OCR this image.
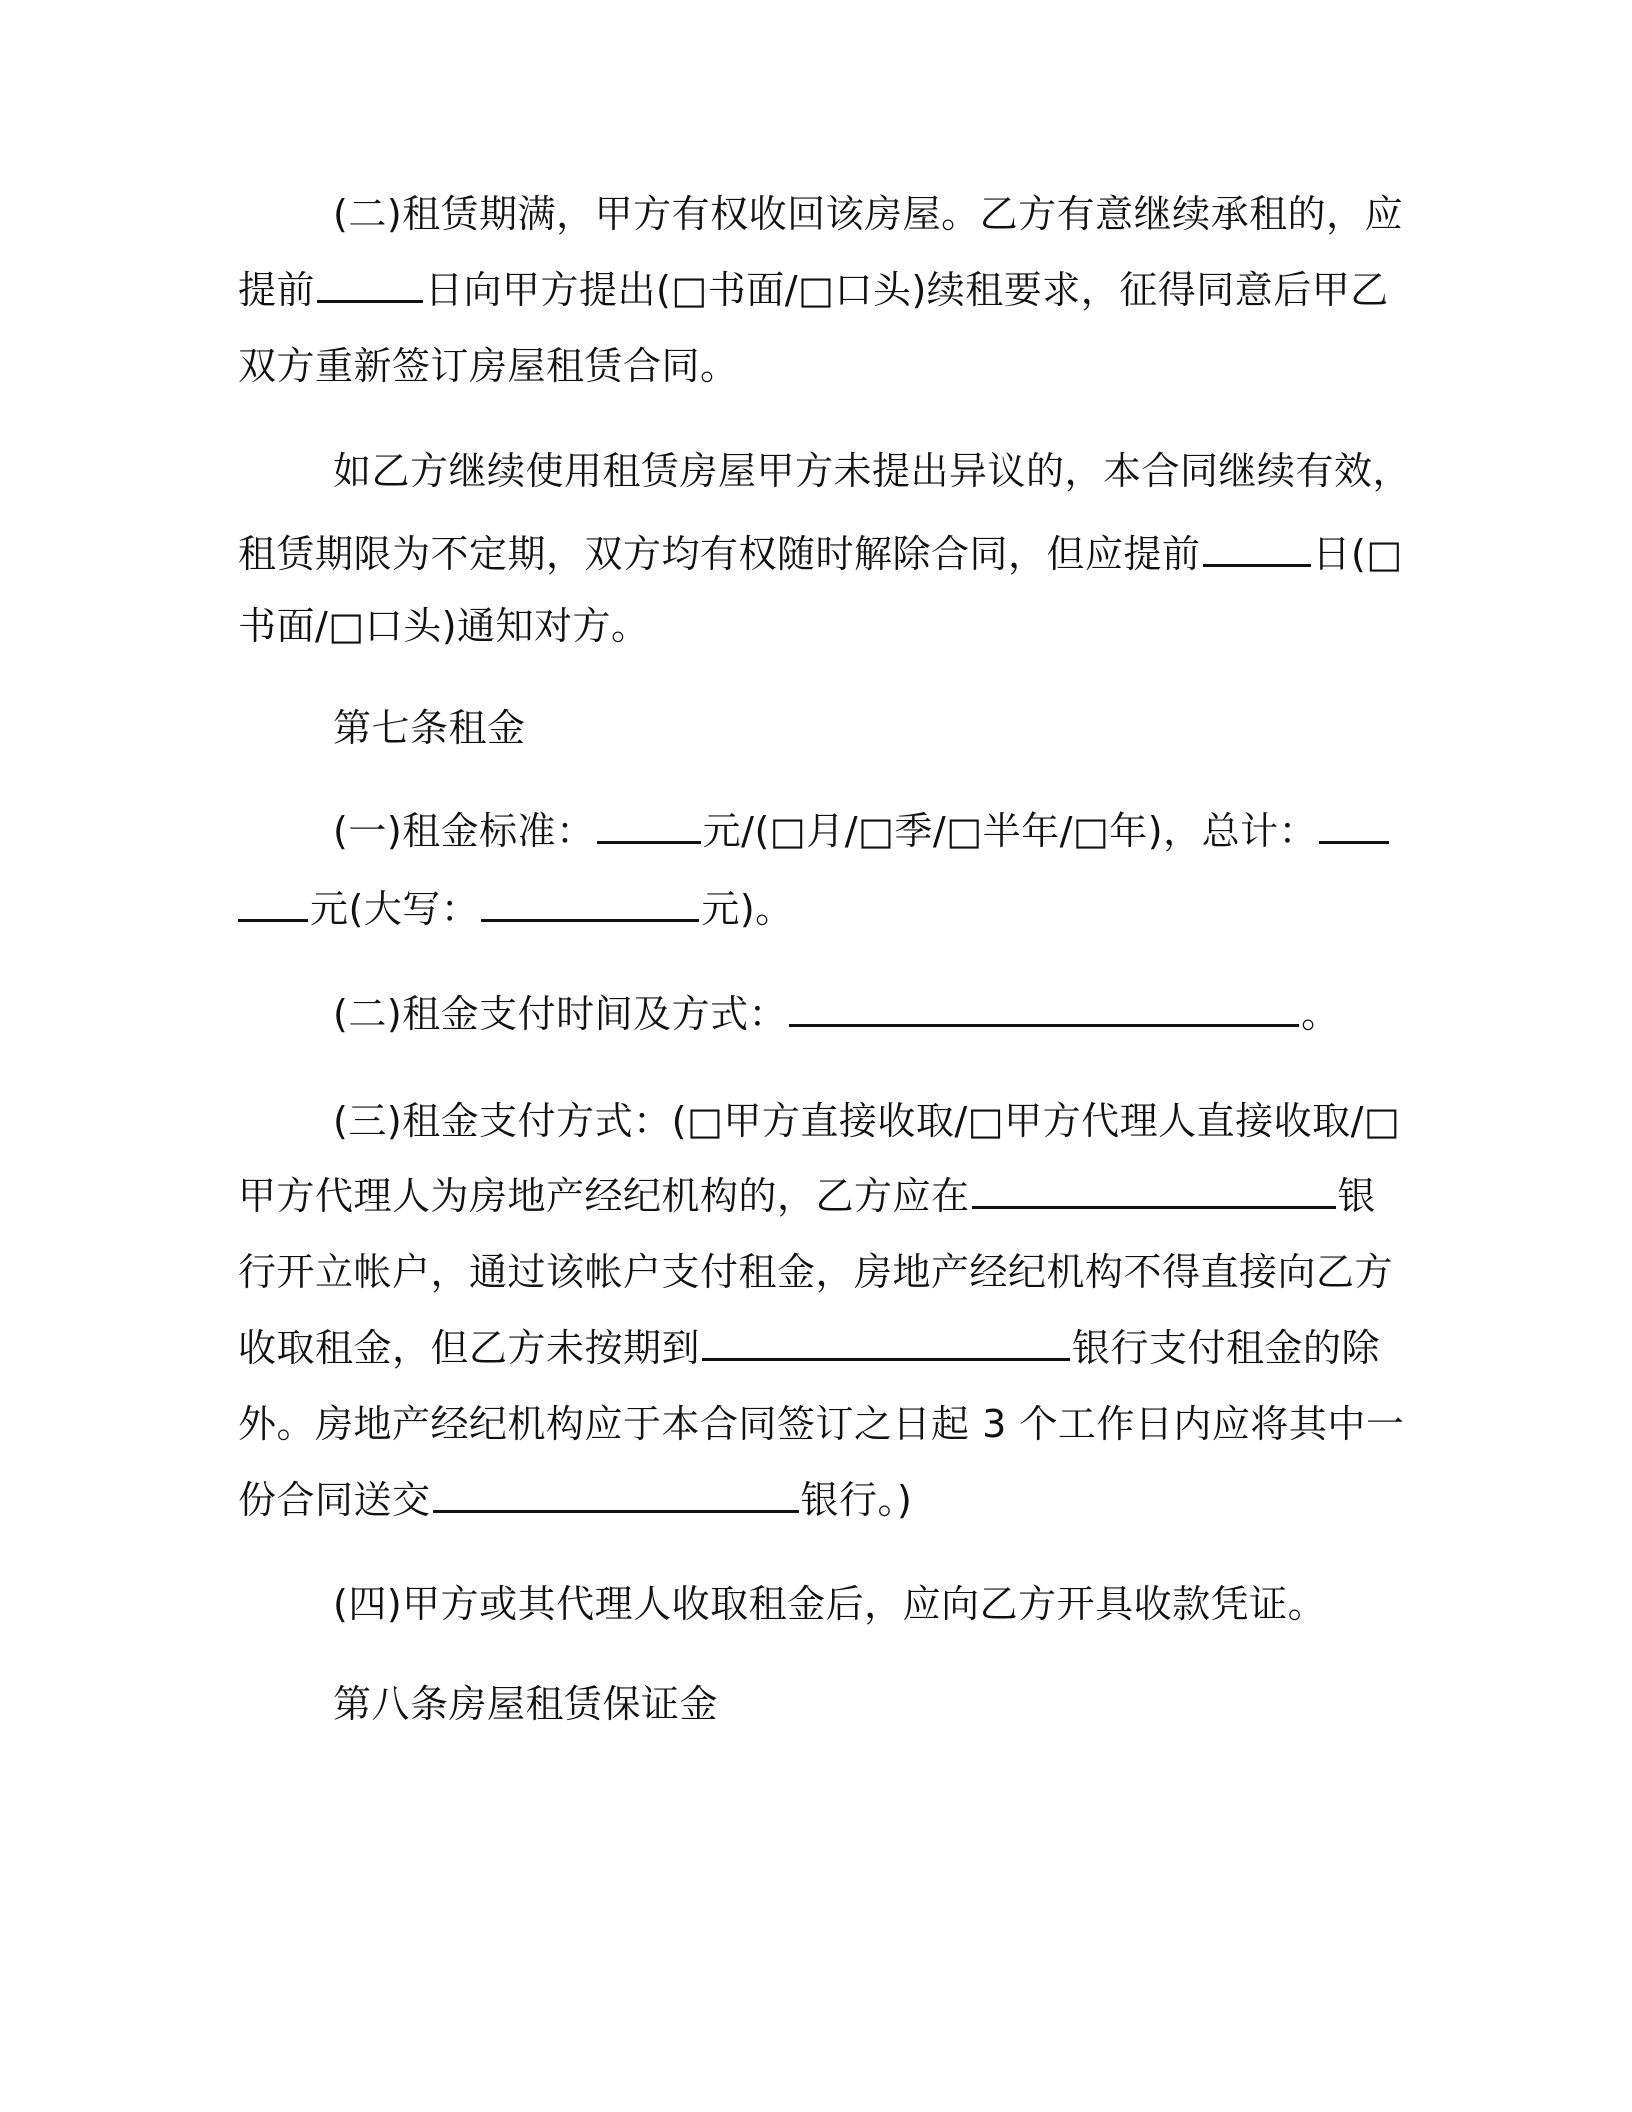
(二)租赁期满，甲方有权收回该房屋。乙方有意继续承租的，应
提前	日向甲方提出(□书面/□口头)续租要求，征得同意后甲乙
双方重新签订房屋租赁合同。
如乙方继续使用租赁房屋甲方未提出异议的，本合同继续有效，
租赁期限为不定期，双方均有权随时解除合同，但应提前	日(□
书面/□口头)通知对方。
第七条租金
(一)租金标准：	元/(□月/□季/□半年/□年)，总计：
元(大写：	元)。
(二)租金支付时间及方式：	。
(三)租金支付方式：(□甲方直接收取/□甲方代理人直接收取/□
甲方代理人为房地产经纪机构的，乙方应在	银
行开立帐户，通过该帐户支付租金，房地产经纪机构不得直接向乙方
收取租金，但乙方未按期到	银行支付租金的除
外。房地产经纪机构应于本合同签订之日起 3 个工作日内应将其中一
份合同送交	银行。)
(四)甲方或其代理人收取租金后，应向乙方开具收款凭证。
第八条房屋租赁保证金
